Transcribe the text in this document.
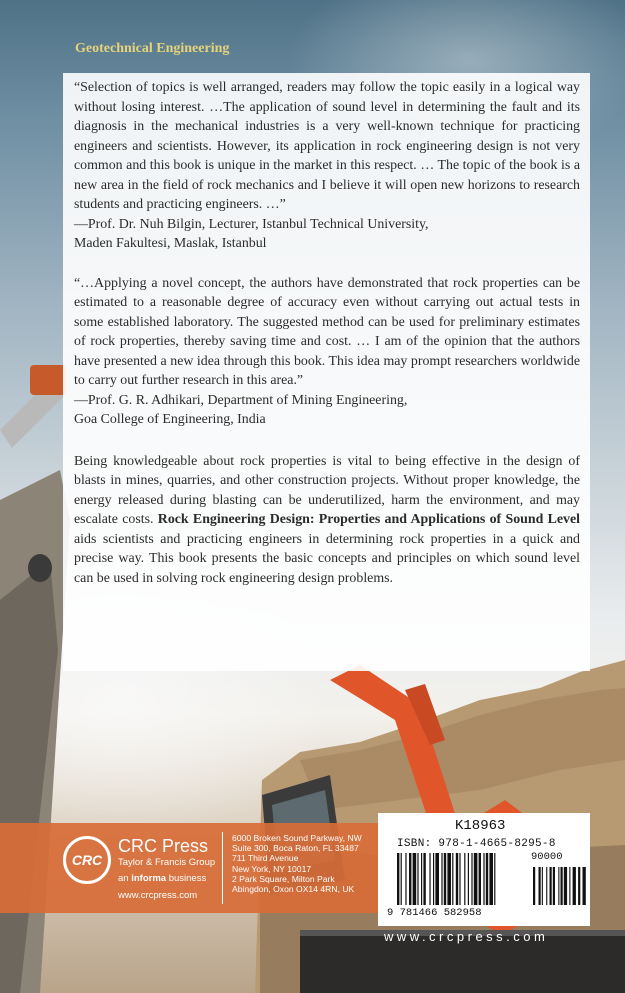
Geotechnical Engineering

“Selection of topics is well arranged, readers may follow the topic easily in a logical way without losing interest. …The application of sound level in determining the fault and its diagnosis in the mechanical industries is a very well-known technique for practicing engineers and scientists. However, its application in rock engineering design is not very common and this book is unique in the market in this respect. … The topic of the book is a new area in the field of rock mechanics and I believe it will open new horizons to research students and practicing engineers. …”

—Prof. Dr. Nuh Bilgin, Lecturer, Istanbul Technical University,

Maden Fakultesi, Maslak, Istanbul

“…Applying a novel concept, the authors have demonstrated that rock properties can be estimated to a reasonable degree of accuracy even without carrying out actual tests in some established laboratory. The suggested method can be used for preliminary estimates of rock properties, thereby saving time and cost. … I am of the opinion that the authors have presented a new idea through this book. This idea may prompt researchers worldwide to carry out further research in this area.”

—Prof. G. R. Adhikari, Department of Mining Engineering,

Goa College of Engineering, India

Being knowledgeable about rock properties is vital to being effective in the design of blasts in mines, quarries, and other construction projects. Without proper knowledge, the energy released during blasting can be underutilized, harm the environment, and may escalate costs. Rock Engineering Design: Properties and Applications of Sound Level aids scientists and practicing engineers in determining rock properties in a quick and precise way. This book presents the basic concepts and principles on which sound level can be used in solving rock engineering design problems.

CRC
CRC Press
Taylor & Francis Group
an informa business
www.crcpress.com
6000 Broken Sound Parkway, NW
Suite 300, Boca Raton, FL 33487
711 Third Avenue
New York, NY 10017
2 Park Square, Milton Park
Abingdon, Oxon OX14 4RN, UK
K18963
ISBN: 978-1-4665-8295-8
90000
9 781466 582958
www.crcpress.com
